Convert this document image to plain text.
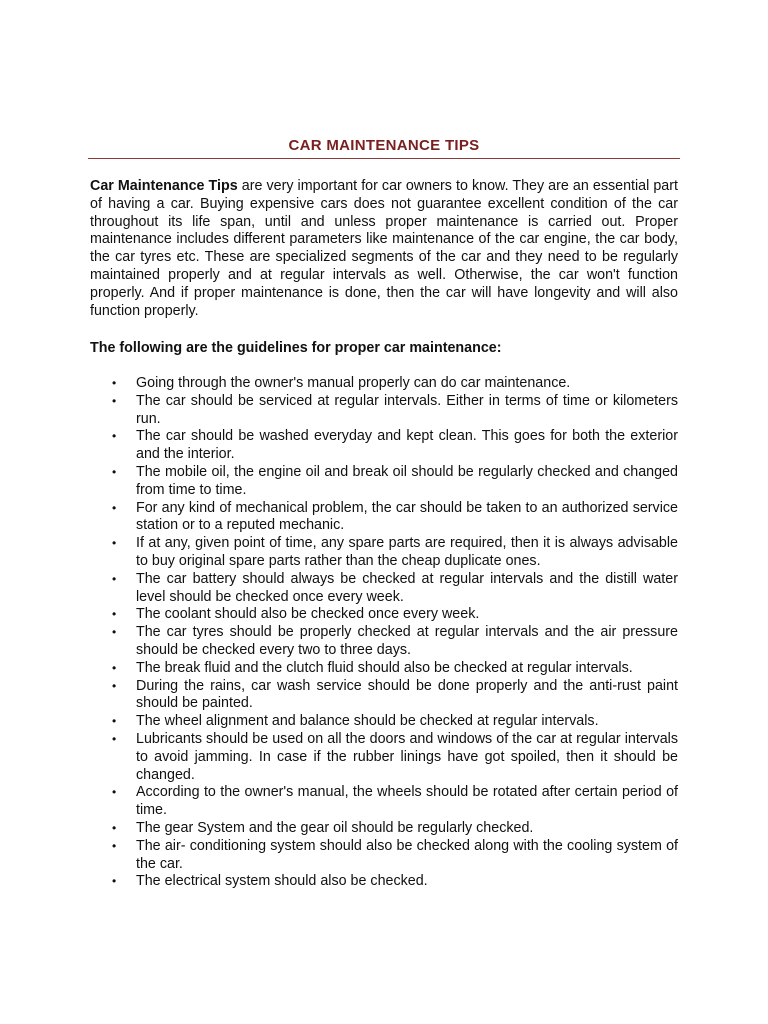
CAR MAINTENANCE TIPS

Car Maintenance Tips are very important for car owners to know. They are an essential part of having a car. Buying expensive cars does not guarantee excellent condition of the car throughout its life span, until and unless proper maintenance is carried out. Proper maintenance includes different parameters like maintenance of the car engine, the car body, the car tyres etc. These are specialized segments of the car and they need to be regularly maintained properly and at regular intervals as well. Otherwise, the car won't function properly. And if proper maintenance is done, then the car will have longevity and will also function properly.

The following are the guidelines for proper car maintenance:

• Going through the owner's manual properly can do car maintenance.
• The car should be serviced at regular intervals. Either in terms of time or kilometers run.
• The car should be washed everyday and kept clean. This goes for both the exterior and the interior.
• The mobile oil, the engine oil and break oil should be regularly checked and changed from time to time.
• For any kind of mechanical problem, the car should be taken to an authorized service station or to a reputed mechanic.
• If at any, given point of time, any spare parts are required, then it is always advisable to buy original spare parts rather than the cheap duplicate ones.
• The car battery should always be checked at regular intervals and the distill water level should be checked once every week.
• The coolant should also be checked once every week.
• The car tyres should be properly checked at regular intervals and the air pressure should be checked every two to three days.
• The break fluid and the clutch fluid should also be checked at regular intervals.
• During the rains, car wash service should be done properly and the anti-rust paint should be painted.
• The wheel alignment and balance should be checked at regular intervals.
• Lubricants should be used on all the doors and windows of the car at regular intervals to avoid jamming. In case if the rubber linings have got spoiled, then it should be changed.
• According to the owner's manual, the wheels should be rotated after certain period of time.
• The gear System and the gear oil should be regularly checked.
• The air- conditioning system should also be checked along with the cooling system of the car.
• The electrical system should also be checked.
